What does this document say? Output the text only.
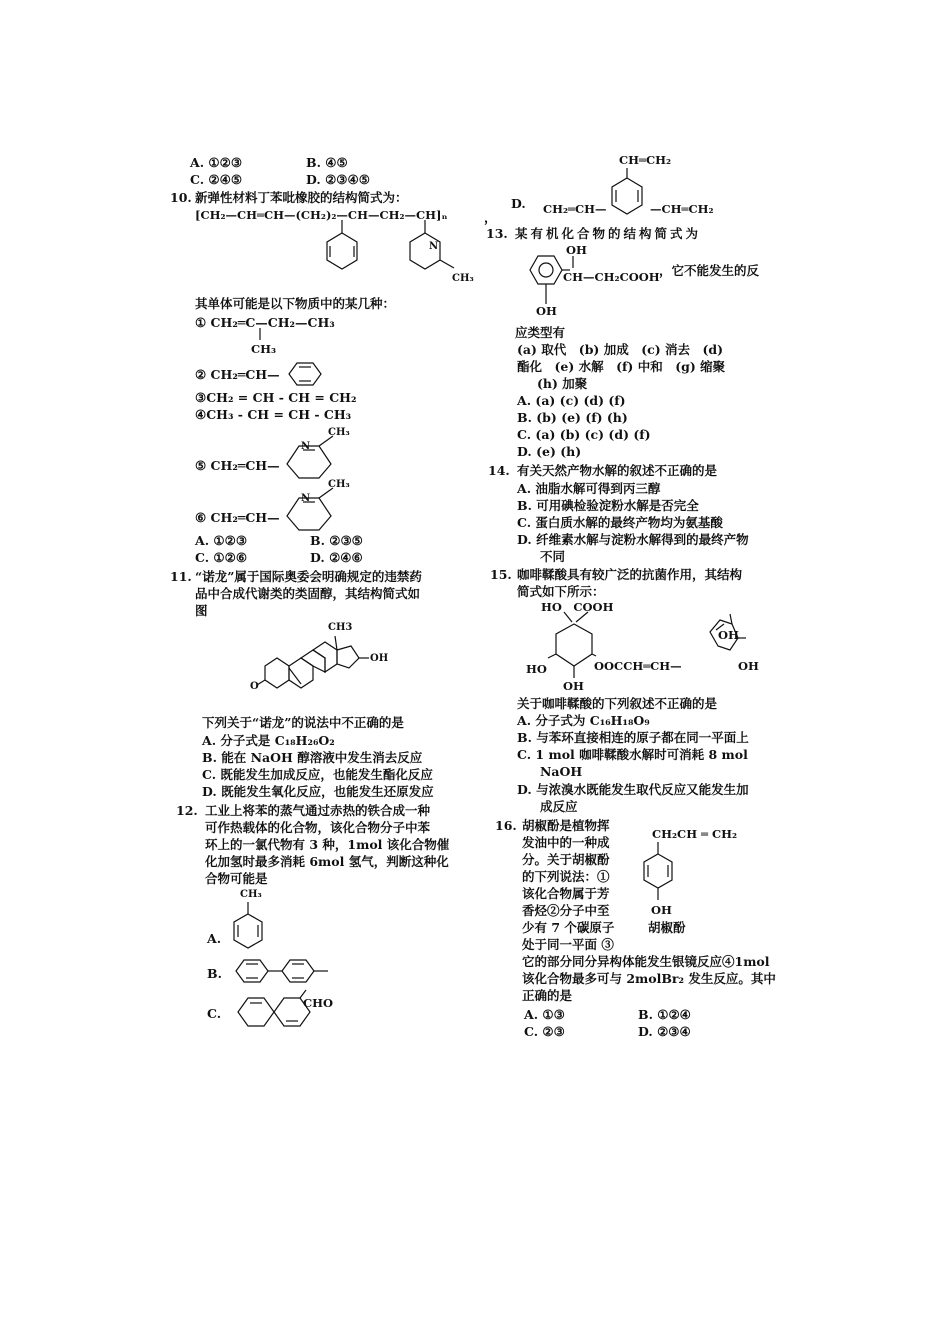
A. ①②③	B. ④⑤
C. ②④⑤	D. ②③④⑤
10. 新弹性材料丁苯吡橡胶的结构简式为：
[CH₂—CH═CH—(CH₂)₂—CH—CH₂—CH]ₙ
N
CH₃
其单体可能是以下物质中的某几种：
① CH₂═C—CH₂—CH₃
CH₃
② CH₂═CH—
③CH₂ = CH - CH = CH₂
④CH₃ - CH = CH - CH₃
⑤ CH₂═CH—
N
CH₃
⑥ CH₂═CH—
N
CH₃
A. ①②③	B. ②③⑤
C. ①②⑥	D. ②④⑥
11. “诺龙”属于国际奥委会明确规定的违禁药
品中合成代谢类的类固醇，其结构简式如
图
CH3
OH
O
下列关于“诺龙”的说法中不正确的是
A. 分子式是 C₁₈H₂₆O₂
B. 能在 NaOH 醇溶液中发生消去反应
C. 既能发生加成反应，也能发生酯化反应
D. 既能发生氧化反应，也能发生还原发应
12. 工业上将苯的蒸气通过赤热的铁合成一种
可作热载体的化合物，该化合物分子中苯
环上的一氯代物有 3 种，1mol 该化合物催
化加氢时最多消耗 6mol 氢气，判断这种化
合物可能是
A.
CH₃
B.
C.
CHO
CH═CH₂
D. CH₂═CH—	—CH═CH₂
，
13. 某有机化合物的结构简式为
OH
CH—CH₂COOH ，它不能发生的反
OH
应类型有
(a) 取代　(b) 加成　(c) 消去　(d)
酯化　(e) 水解　(f) 中和　(g) 缩聚
(h) 加聚
A. (a) (c) (d) (f)
B. (b) (e) (f) (h)
C. (a) (b) (c) (d) (f)
D. (e) (h)
14. 有关天然产物水解的叙述不正确的是
A. 油脂水解可得到丙三醇
B. 可用碘检验淀粉水解是否完全
C. 蛋白质水解的最终产物均为氨基酸
D. 纤维素水解与淀粉水解得到的最终产物
不同
15. 咖啡鞣酸具有较广泛的抗菌作用，其结构
简式如下所示：
HO　COOH
OH
OH
HO	OOCCH═CH—
OH
关于咖啡鞣酸的下列叙述不正确的是
A. 分子式为 C₁₆H₁₈O₉
B. 与苯环直接相连的原子都在同一平面上
C. 1 mol 咖啡鞣酸水解时可消耗 8 mol
NaOH
D. 与浓溴水既能发生取代反应又能发生加
成反应
16. 胡椒酚是植物挥
发油中的一种成
分。关于胡椒酚
的下列说法：①
该化合物属于芳
香烃②分子中至
少有 7 个碳原子
处于同一平面 ③
它的部分同分异构体能发生银镜反应④1mol
该化合物最多可与 2molBr₂ 发生反应。其中
正确的是
CH₂CH ═ CH₂
OH
胡椒酚
A. ①③	B. ①②④
C. ②③	D. ②③④
